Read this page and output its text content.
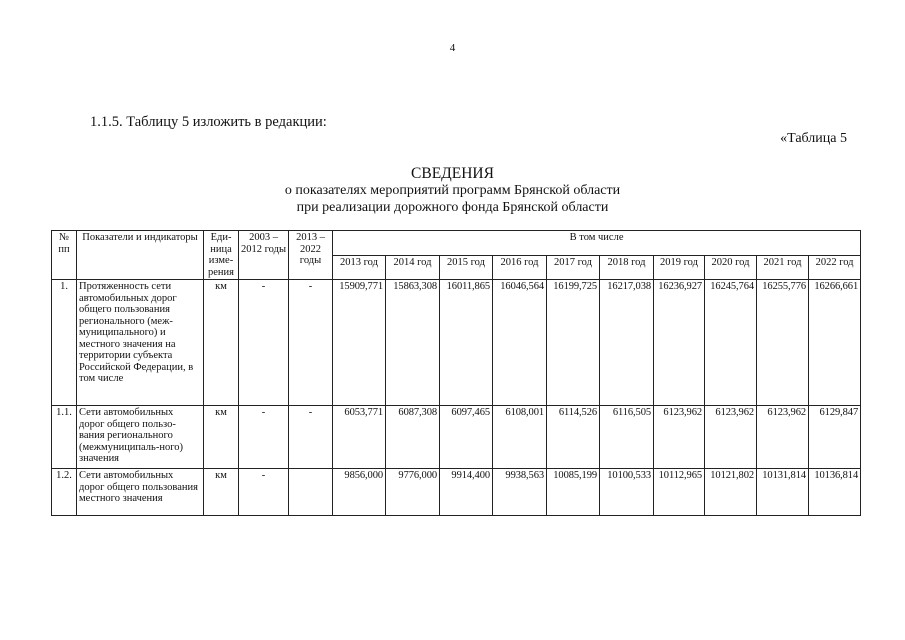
4
1.1.5. Таблицу 5 изложить в редакции:
«Таблица 5
СВЕДЕНИЯ
о показателях мероприятий программ Брянской области
при реализации дорожного фонда Брянской области
№ пп	Показатели и индикаторы	Еди-ница изме-рения	2003 – 2012 годы	2013 – 2022 годы	В том числе									
					2013 год	2014 год	2015 год	2016 год	2017 год	2018 год	2019 год	2020 год	2021 год	2022 год
1.	Протяженность сети автомобильных дорог общего пользования регионального (меж-муниципального) и местного значения на территории субъекта Российской Федерации, в том числе	км	-	-	15909,771	15863,308	16011,865	16046,564	16199,725	16217,038	16236,927	16245,764	16255,776	16266,661
1.1.	Сети автомобильных дорог общего пользо-вания регионального (межмуниципаль-ного) значения	км	-	-	6053,771	6087,308	6097,465	6108,001	6114,526	6116,505	6123,962	6123,962	6123,962	6129,847
1.2.	Сети автомобильных дорог общего пользования местного значения	км	-		9856,000	9776,000	9914,400	9938,563	10085,199	10100,533	10112,965	10121,802	10131,814	10136,814
